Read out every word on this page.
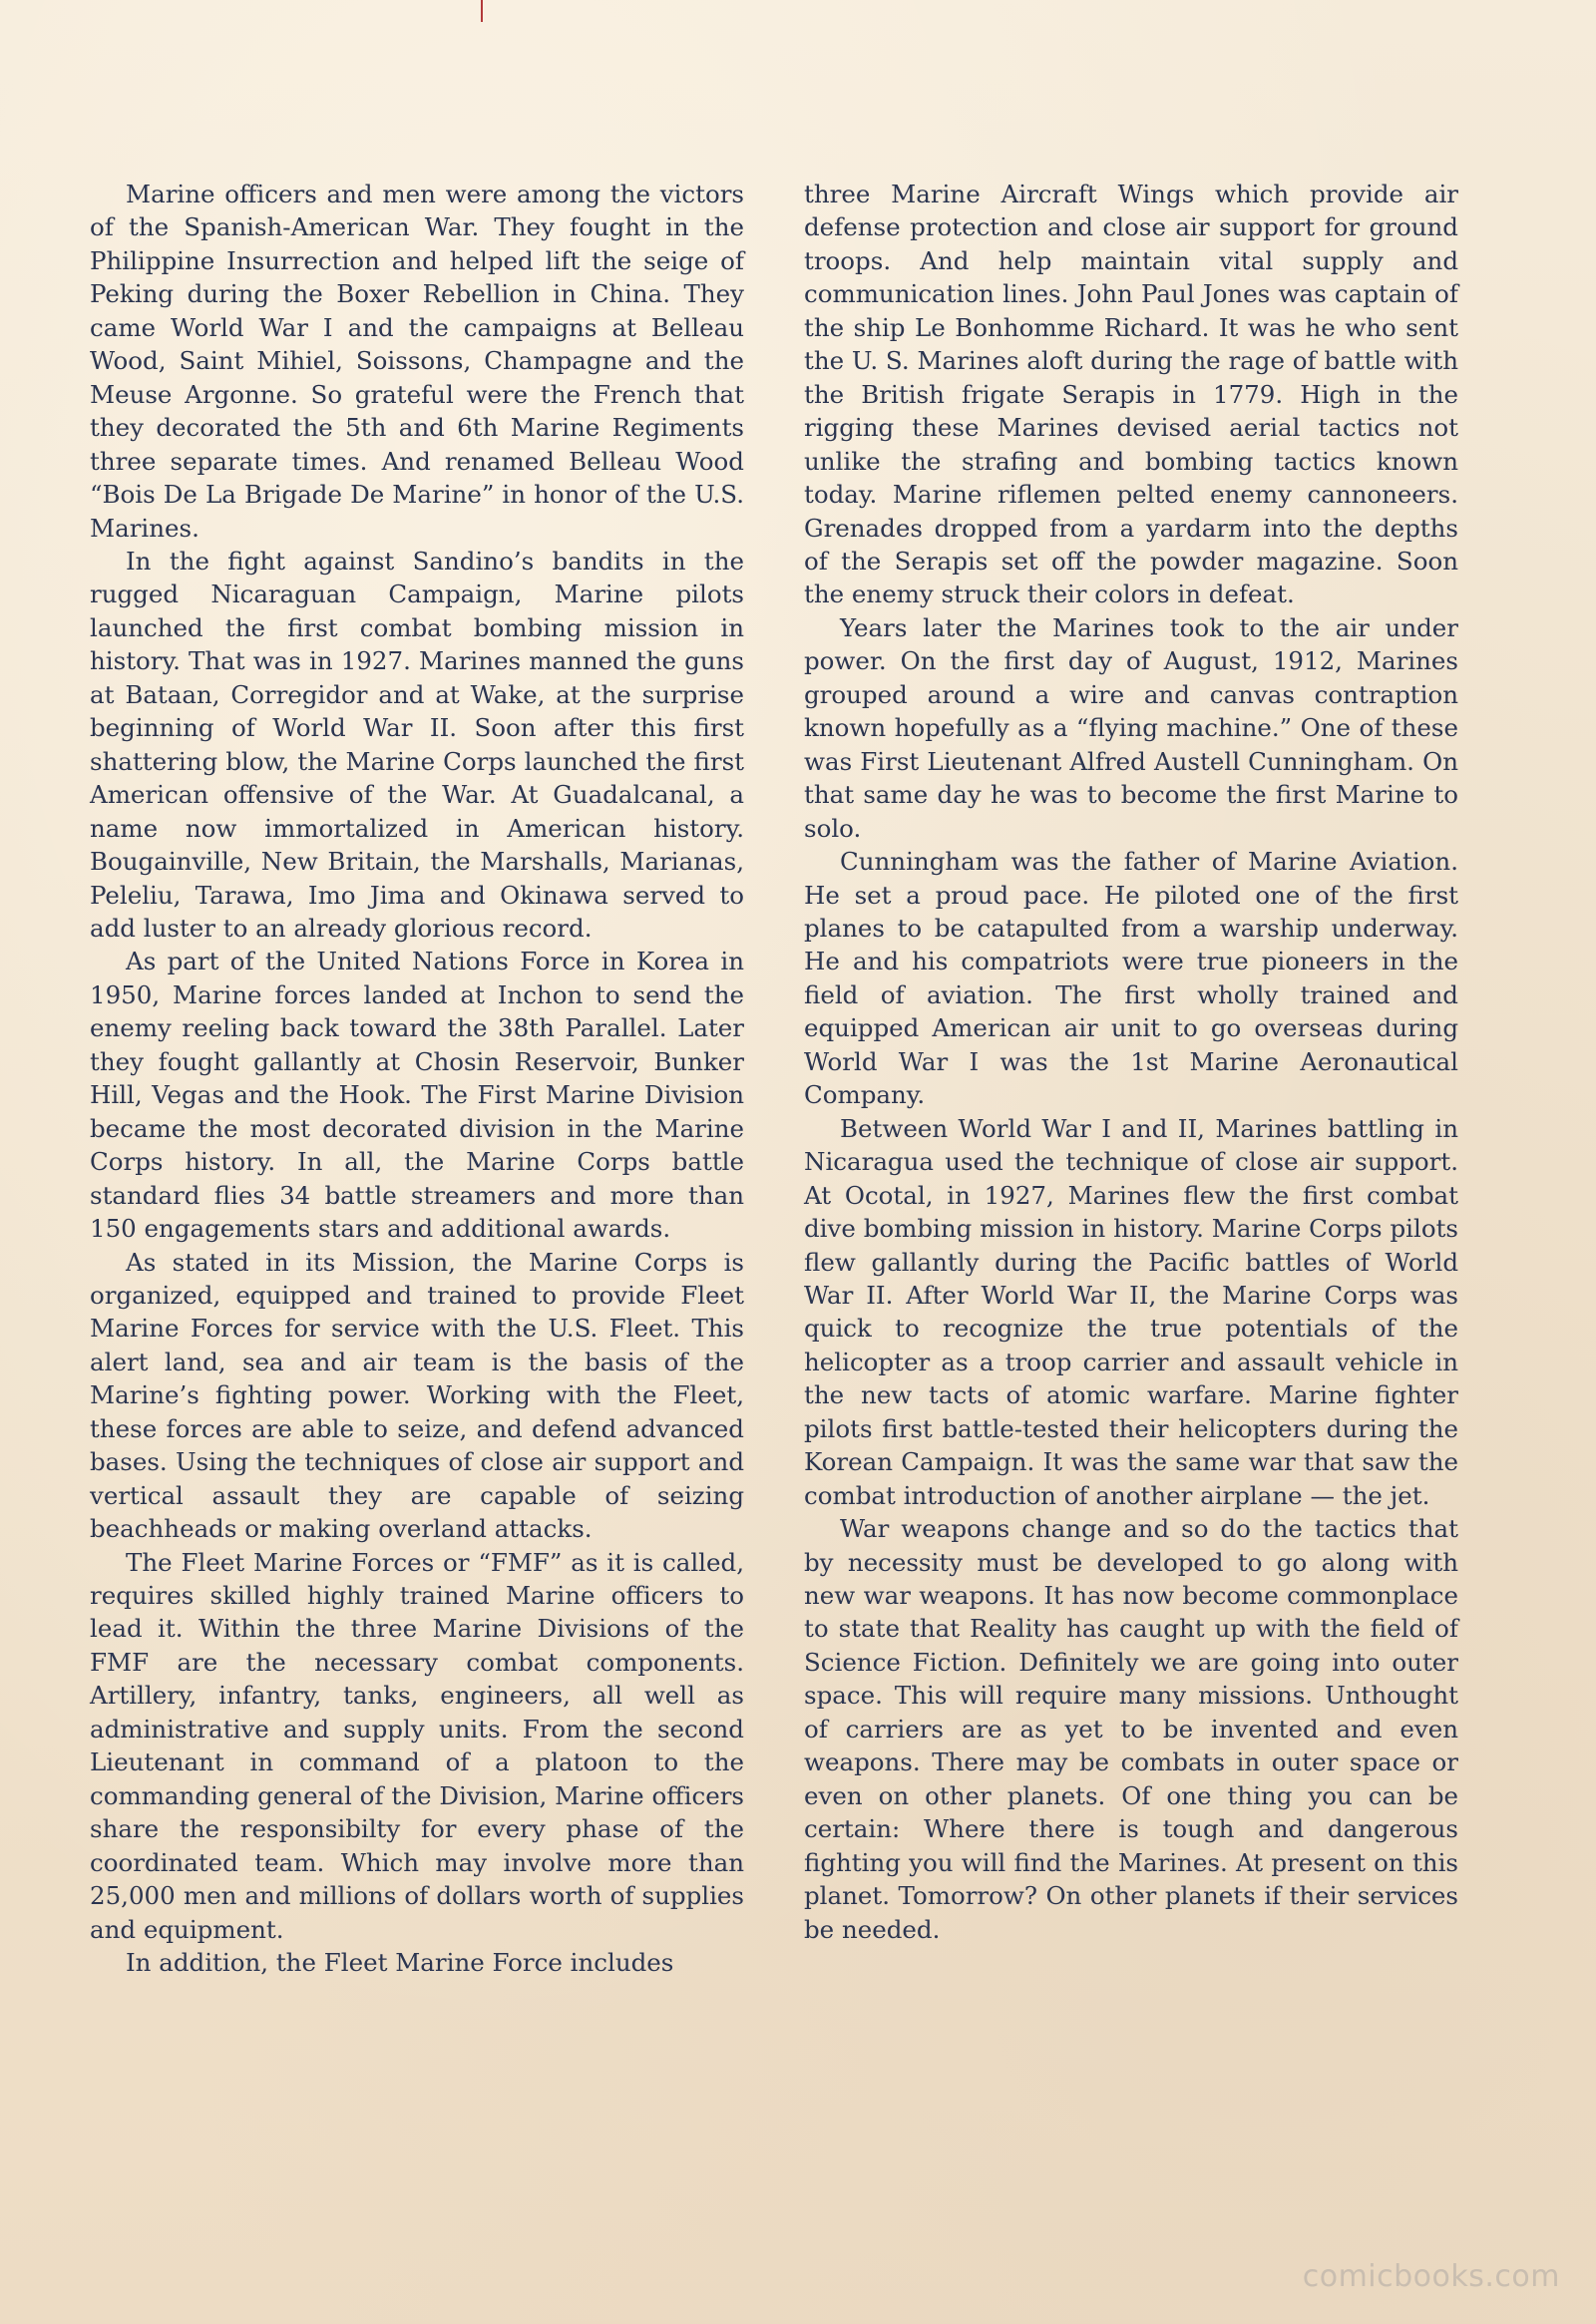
Marine officers and men were among the victors of the Spanish-American War. They fought in the Philippine Insurrection and helped lift the seige of Peking during the Boxer Rebellion in China. They came World War I and the campaigns at Belleau Wood, Saint Mihiel, Soissons, Champagne and the Meuse Argonne. So grateful were the French that they decorated the 5th and 6th Marine Regiments three separate times. And renamed Belleau Wood “Bois De La Brigade De Marine” in honor of the U.S. Marines.

In the fight against Sandino’s bandits in the rugged Nicaraguan Campaign, Marine pilots launched the first combat bombing mission in history. That was in 1927. Marines manned the guns at Bataan, Corregidor and at Wake, at the surprise beginning of World War II. Soon after this first shattering blow, the Marine Corps launched the first American offensive of the War. At Guadalcanal, a name now immortalized in American history. Bougainville, New Britain, the Marshalls, Marianas, Peleliu, Tarawa, Imo Jima and Okinawa served to add luster to an already glorious record.

As part of the United Nations Force in Korea in 1950, Marine forces landed at Inchon to send the enemy reeling back toward the 38th Parallel. Later they fought gallantly at Chosin Reservoir, Bunker Hill, Vegas and the Hook. The First Marine Division became the most decorated division in the Marine Corps history. In all, the Marine Corps battle standard flies 34 battle streamers and more than 150 engagements stars and additional awards.

As stated in its Mission, the Marine Corps is organized, equipped and trained to provide Fleet Marine Forces for service with the U.S. Fleet. This alert land, sea and air team is the basis of the Marine’s fighting power. Working with the Fleet, these forces are able to seize, and defend advanced bases. Using the techniques of close air support and vertical assault they are capable of seizing beachheads or making overland attacks.

The Fleet Marine Forces or “FMF” as it is called, requires skilled highly trained Marine officers to lead it. Within the three Marine Divisions of the FMF are the necessary combat components. Artillery, infantry, tanks, engineers, all well as administrative and supply units. From the second Lieutenant in command of a platoon to the commanding general of the Division, Marine officers share the responsibilty for every phase of the coordinated team. Which may involve more than 25,000 men and millions of dollars worth of supplies and equipment.

In addition, the Fleet Marine Force includes

three Marine Aircraft Wings which provide air defense protection and close air support for ground troops. And help maintain vital supply and communication lines. John Paul Jones was captain of the ship Le Bonhomme Richard. It was he who sent the U. S. Marines aloft during the rage of battle with the British frigate Serapis in 1779. High in the rigging these Marines devised aerial tactics not unlike the strafing and bombing tactics known today. Marine riflemen pelted enemy cannoneers. Grenades dropped from a yardarm into the depths of the Serapis set off the powder magazine. Soon the enemy struck their colors in defeat.

Years later the Marines took to the air under power. On the first day of August, 1912, Marines grouped around a wire and canvas contraption known hopefully as a “flying machine.” One of these was First Lieutenant Alfred Austell Cunningham. On that same day he was to become the first Marine to solo.

Cunningham was the father of Marine Aviation. He set a proud pace. He piloted one of the first planes to be catapulted from a warship underway. He and his compatriots were true pioneers in the field of aviation. The first wholly trained and equipped American air unit to go overseas during World War I was the 1st Marine Aeronautical Company.

Between World War I and II, Marines battling in Nicaragua used the technique of close air support. At Ocotal, in 1927, Marines flew the first combat dive bombing mission in history. Marine Corps pilots flew gallantly during the Pacific battles of World War II. After World War II, the Marine Corps was quick to recognize the true potentials of the helicopter as a troop carrier and assault vehicle in the new tacts of atomic warfare. Marine fighter pilots first battle-tested their helicopters during the Korean Campaign. It was the same war that saw the combat introduction of another airplane — the jet.

War weapons change and so do the tactics that by necessity must be developed to go along with new war weapons. It has now become commonplace to state that Reality has caught up with the field of Science Fiction. Definitely we are going into outer space. This will require many missions. Unthought of carriers are as yet to be invented and even weapons. There may be combats in outer space or even on other planets. Of one thing you can be certain: Where there is tough and dangerous fighting you will find the Marines. At present on this planet. Tomorrow? On other planets if their services be needed.

comicbooks.com
